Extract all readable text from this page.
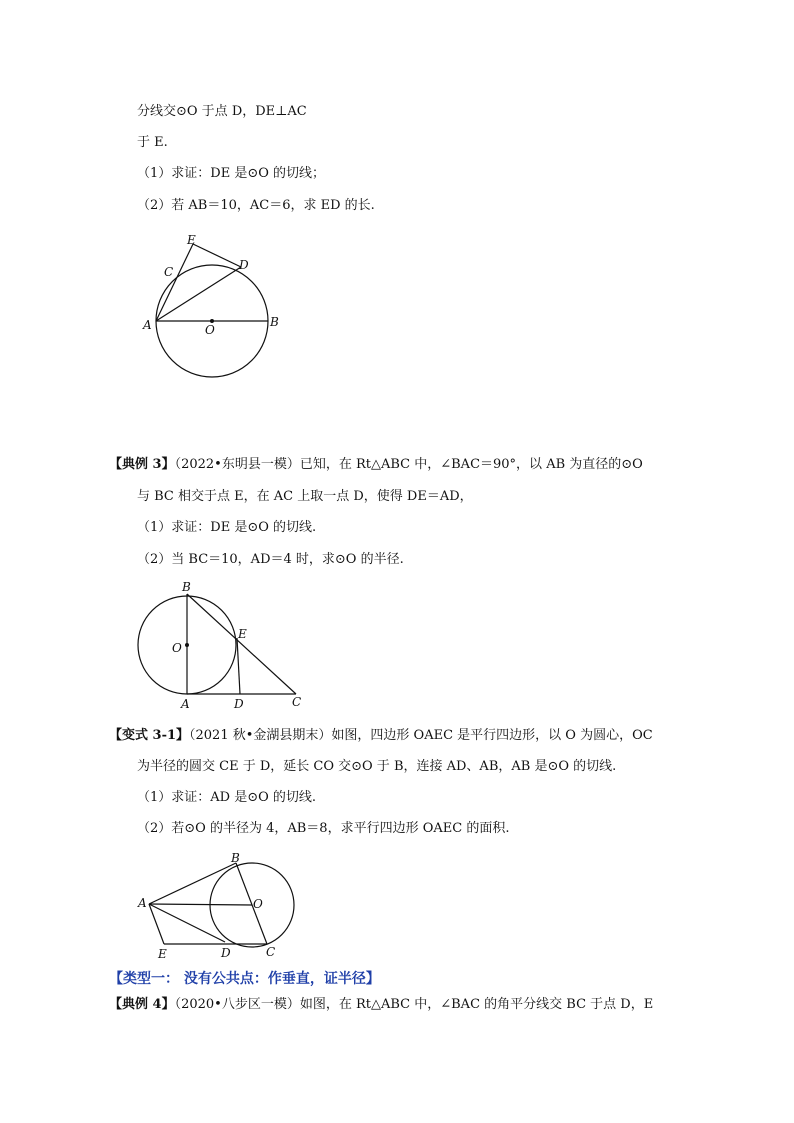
分线交⊙O 于点 D，DE⊥AC
于 E.
（1）求证：DE 是⊙O 的切线；
（2）若 AB＝10，AC＝6，求 ED 的长.
E
C	D
A	O
B
【典例 3】（2022•东明县一模）已知，在 Rt△ABC 中，∠BAC＝90°，以 AB 为直径的⊙O
与 BC 相交于点 E，在 AC 上取一点 D，使得 DE＝AD，
（1）求证：DE 是⊙O 的切线.
（2）当 BC＝10，AD＝4 时，求⊙O 的半径.
B
E
O
A	D	C
【变式 3-1】（2021 秋•金湖县期末）如图，四边形 OAEC 是平行四边形，以 O 为圆心，OC
为半径的圆交 CE 于 D，延长 CO 交⊙O 于 B，连接 AD、AB，AB 是⊙O 的切线.
（1）求证：AD 是⊙O 的切线.
（2）若⊙O 的半径为 4，AB＝8，求平行四边形 OAEC 的面积.
B
A	O
E	D	C
【类型一： 没有公共点：作垂直，证半径】
【典例 4】（2020•八步区一模）如图，在 Rt△ABC 中，∠BAC 的角平分线交 BC 于点 D，E
